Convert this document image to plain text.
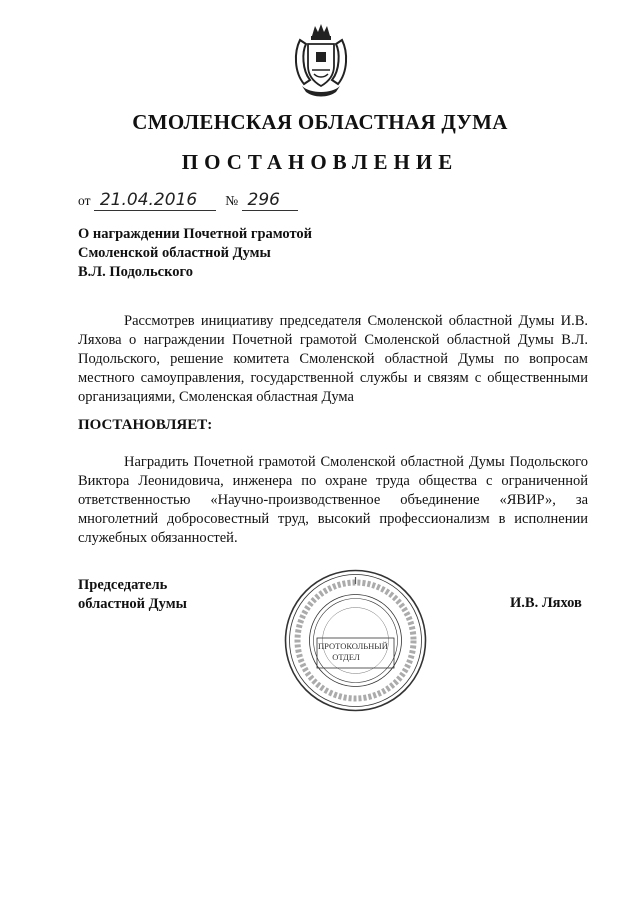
СМОЛЕНСКАЯ ОБЛАСТНАЯ ДУМА
ПОСТАНОВЛЕНИЕ
от 21.04.2016 № 296
О награждении Почетной грамотой
Смоленской областной Думы
В.Л. Подольского
Рассмотрев инициативу председателя Смоленской областной Думы И.В. Ляхова о награждении Почетной грамотой Смоленской областной Думы В.Л. Подольского, решение комитета Смоленской областной Думы по вопросам местного самоуправления, государственной службы и связям с общественными организациями, Смоленская областная Дума
ПОСТАНОВЛЯЕТ:
Наградить Почетной грамотой Смоленской областной Думы Подольского Виктора Леонидовича, инженера по охране труда общества с ограниченной ответственностью «Научно-производственное объединение «ЯВИР», за многолетний добросовестный труд, высокий профессионализм в исполнении служебных обязанностей.
Председатель
областной Думы
ПРОТОКОЛЬНЫЙ
ОТДЕЛ
И.В. Ляхов
